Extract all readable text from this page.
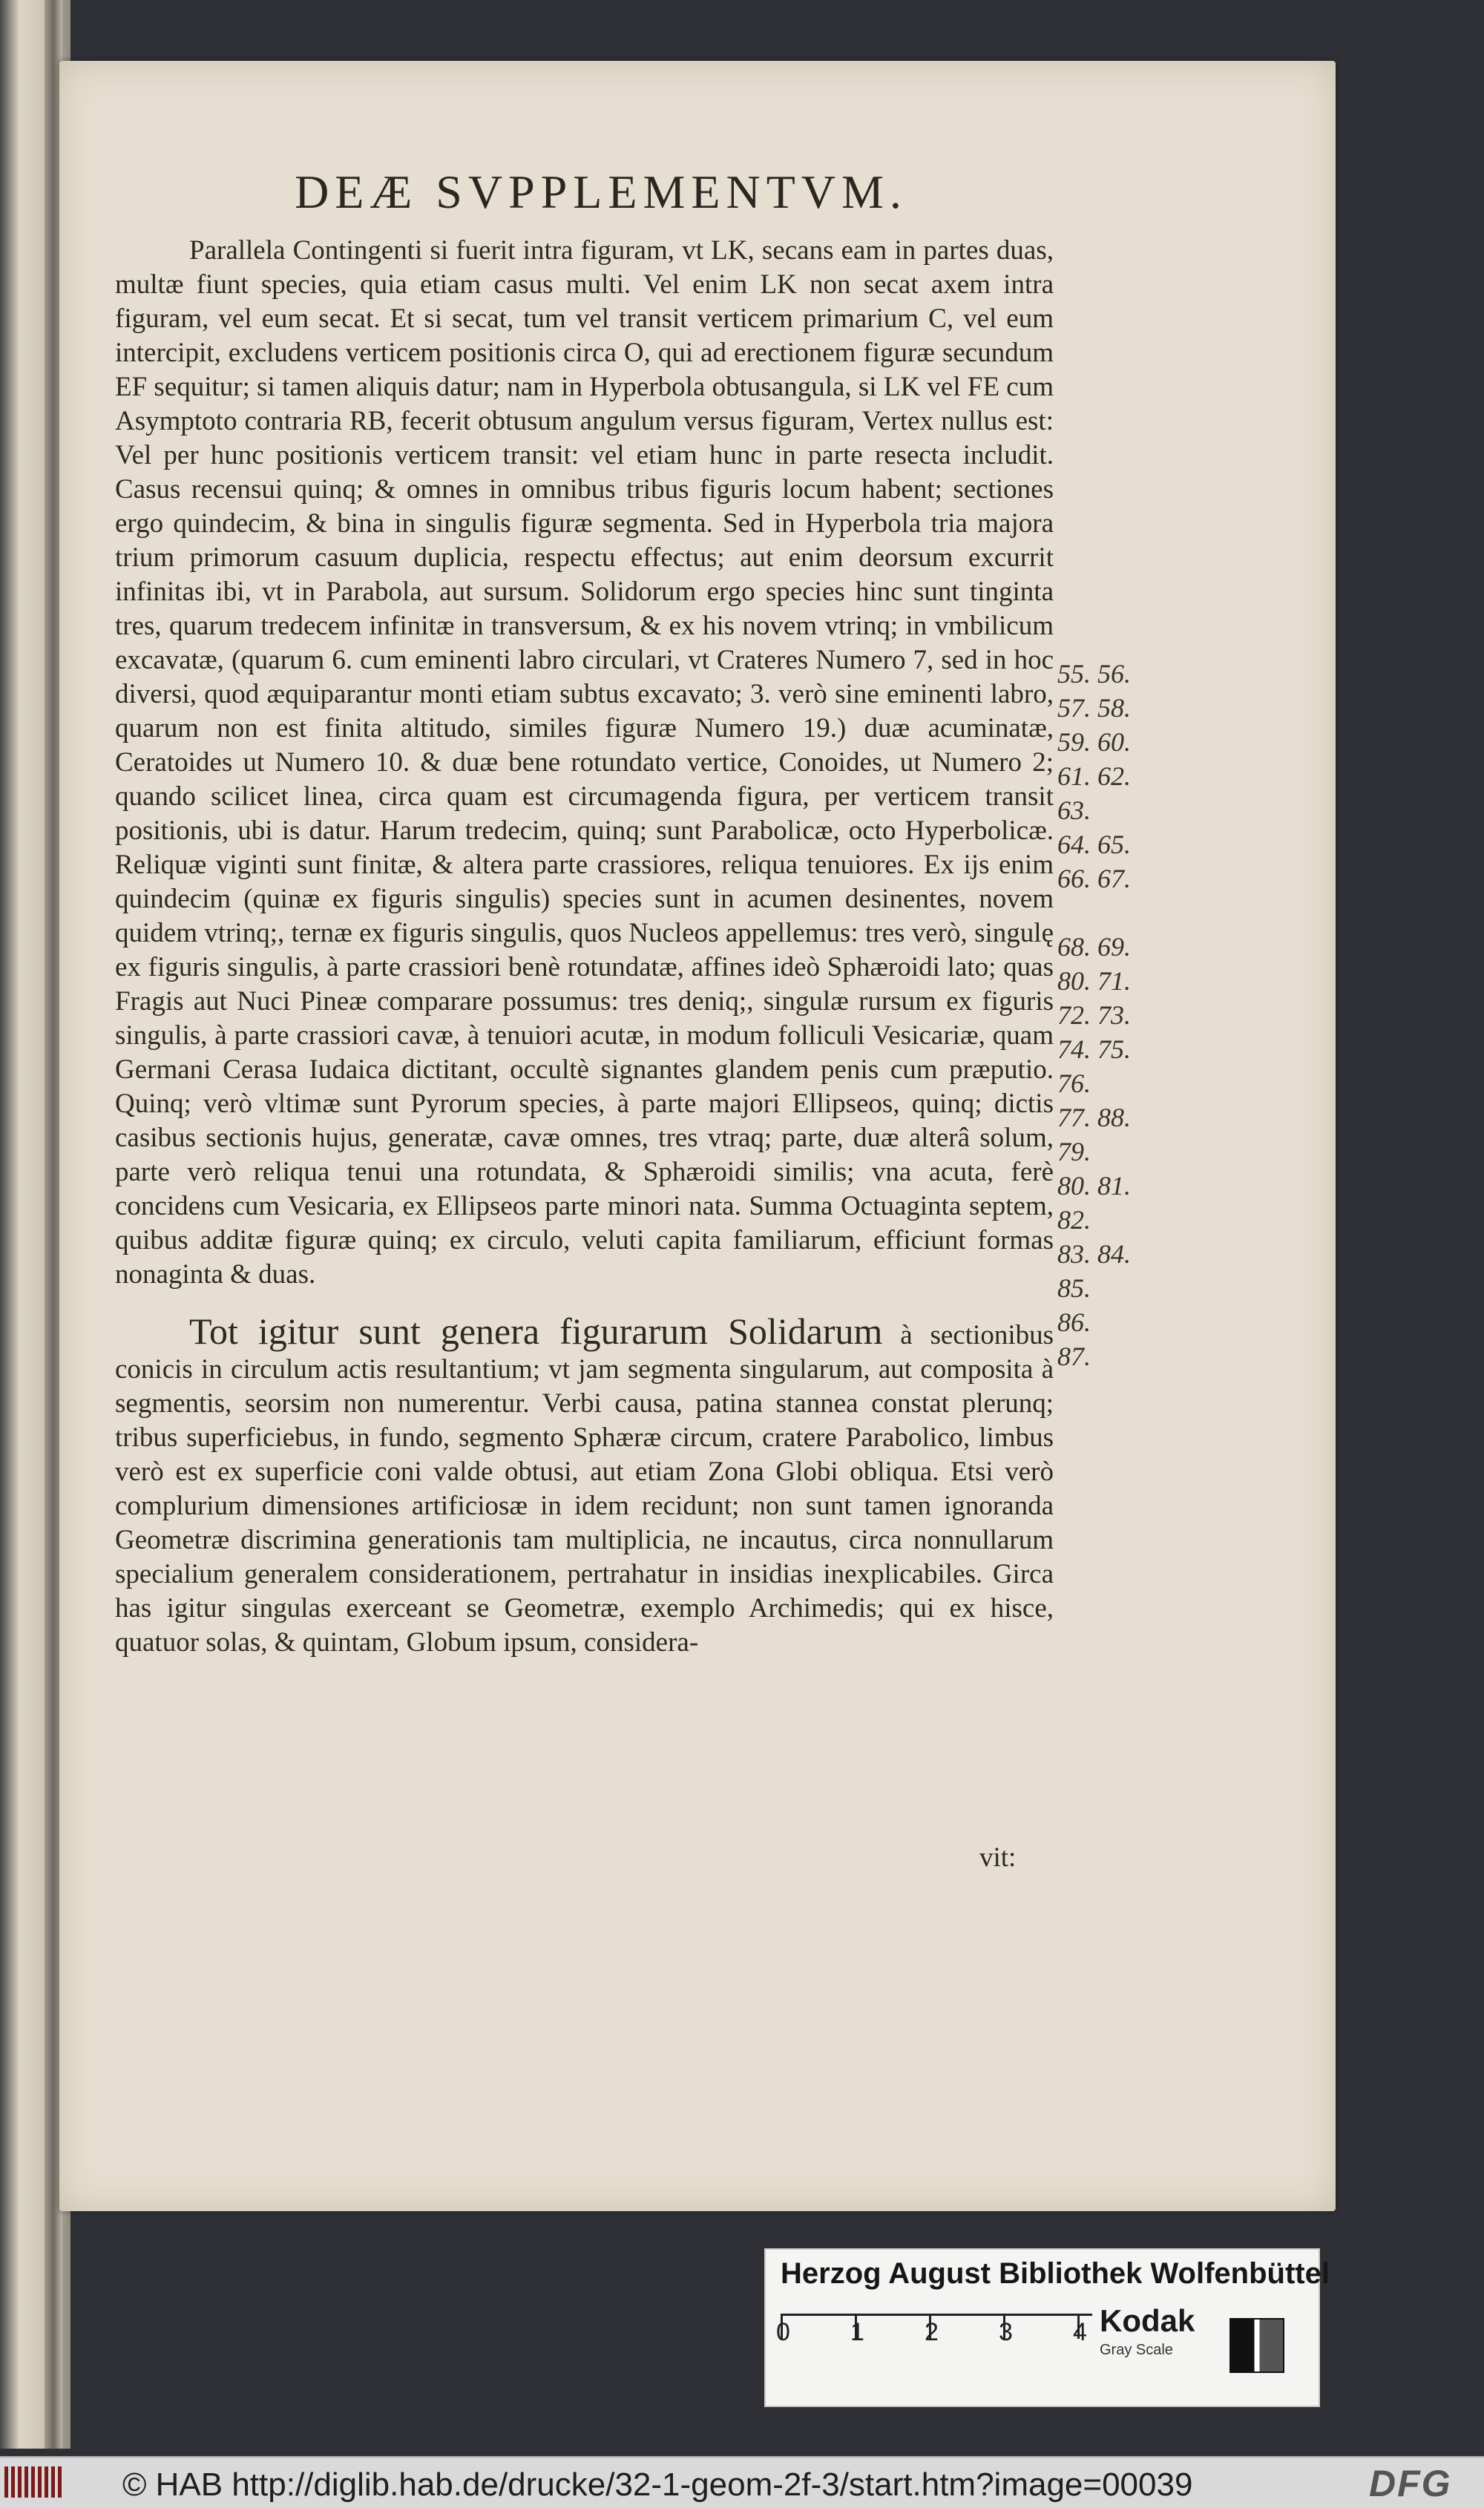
DEÆ SVPPLEMENTVM.

Parallela Contingenti si fuerit intra figuram, vt LK, secans eam in partes duas, multæ fiunt species, quia etiam casus multi. Vel enim LK non secat axem intra figuram, vel eum secat. Et si secat, tum vel transit verticem primarium C, vel eum intercipit, excludens verticem positionis circa O, qui ad erectionem figuræ secundum EF sequitur; si tamen aliquis datur; nam in Hyperbola obtusangula, si LK vel FE cum Asymptoto contraria RB, fecerit obtusum angulum versus figuram, Vertex nullus est: Vel per hunc positionis verticem transit: vel etiam hunc in parte resecta includit. Casus recensui quinq; & omnes in omnibus tribus figuris locum habent; sectiones ergo quindecim, & bina in singulis figuræ segmenta. Sed in Hyperbola tria majora trium primorum casuum duplicia, respectu effectus; aut enim deorsum excurrit infinitas ibi, vt in Parabola, aut sursum. Solidorum ergo species hinc sunt tinginta tres, quarum tredecem infinitæ in transversum, & ex his novem vtrinq; in vmbilicum excavatæ, (quarum 6. cum eminenti labro circulari, vt Crateres Numero 7, sed in hoc diversi, quod æquiparantur monti etiam subtus excavato; 3. verò sine eminenti labro, quarum non est finita altitudo, similes figuræ Numero 19.) duæ acuminatæ, Ceratoides ut Numero 10. & duæ bene rotundato vertice, Conoides, ut Numero 2; quando scilicet linea, circa quam est circumagenda figura, per verticem transit positionis, ubi is datur. Harum tredecim, quinq; sunt Parabolicæ, octo Hyperbolicæ. Reliquæ viginti sunt finitæ, & altera parte crassiores, reliqua tenuiores. Ex ijs enim quindecim (quinæ ex figuris singulis) species sunt in acumen desinentes, novem quidem vtrinq;, ternæ ex figuris singulis, quos Nucleos appellemus: tres verò, singulę ex figuris singulis, à parte crassiori benè rotundatæ, affines ideò Sphæroidi lato; quas Fragis aut Nuci Pineæ comparare possumus: tres deniq;, singulæ rursum ex figuris singulis, à parte crassiori cavæ, à tenuiori acutæ, in modum folliculi Vesicariæ, quam Germani Cerasa Iudaica dictitant, occultè signantes glandem penis cum præputio. Quinq; verò vltimæ sunt Pyrorum species, à parte majori Ellipseos, quinq; dictis casibus sectionis hujus, generatæ, cavæ omnes, tres vtraq; parte, duæ alterâ solum, parte verò reliqua tenui una rotundata, & Sphæroidi similis; vna acuta, ferè concidens cum Vesicaria, ex Ellipseos parte minori nata. Summa Octuaginta septem, quibus additæ figuræ quinq; ex circulo, veluti capita familiarum, efficiunt formas nonaginta & duas.

Tot igitur sunt genera figurarum Solidarum à sectionibus conicis in circulum actis resultantium; vt jam segmenta singularum, aut composita à segmentis, seorsim non numerentur. Verbi causa, patina stannea constat plerunq; tribus superficiebus, in fundo, segmento Sphæræ circum, cratere Parabolico, limbus verò est ex superficie coni valde obtusi, aut etiam Zona Globi obliqua. Etsi verò complurium dimensiones artificiosæ in idem recidunt; non sunt tamen ignoranda Geometræ discrimina generationis tam multiplicia, ne incautus, circa nonnullarum specialium generalem considerationem, pertrahatur in insidias inexplicabiles. Girca has igitur singulas exerceant se Geometræ, exemplo Archimedis; qui ex hisce, quatuor solas, & quintam, Globum ipsum, considera-

vit:
55. 56.
57. 58.
59. 60.
61. 62.
63.
64. 65.
66. 67.
68. 69.
80. 71.
72. 73.
74. 75.
76.
77. 88.
79.
80. 81.
82.
83. 84.
85.
86.
87.
Herzog August Bibliothek Wolfenbüttel
0 1 2 3 4 Kodak
Gray Scale
© HAB http://diglib.hab.de/drucke/32-1-geom-2f-3/start.htm?image=00039	DFG
